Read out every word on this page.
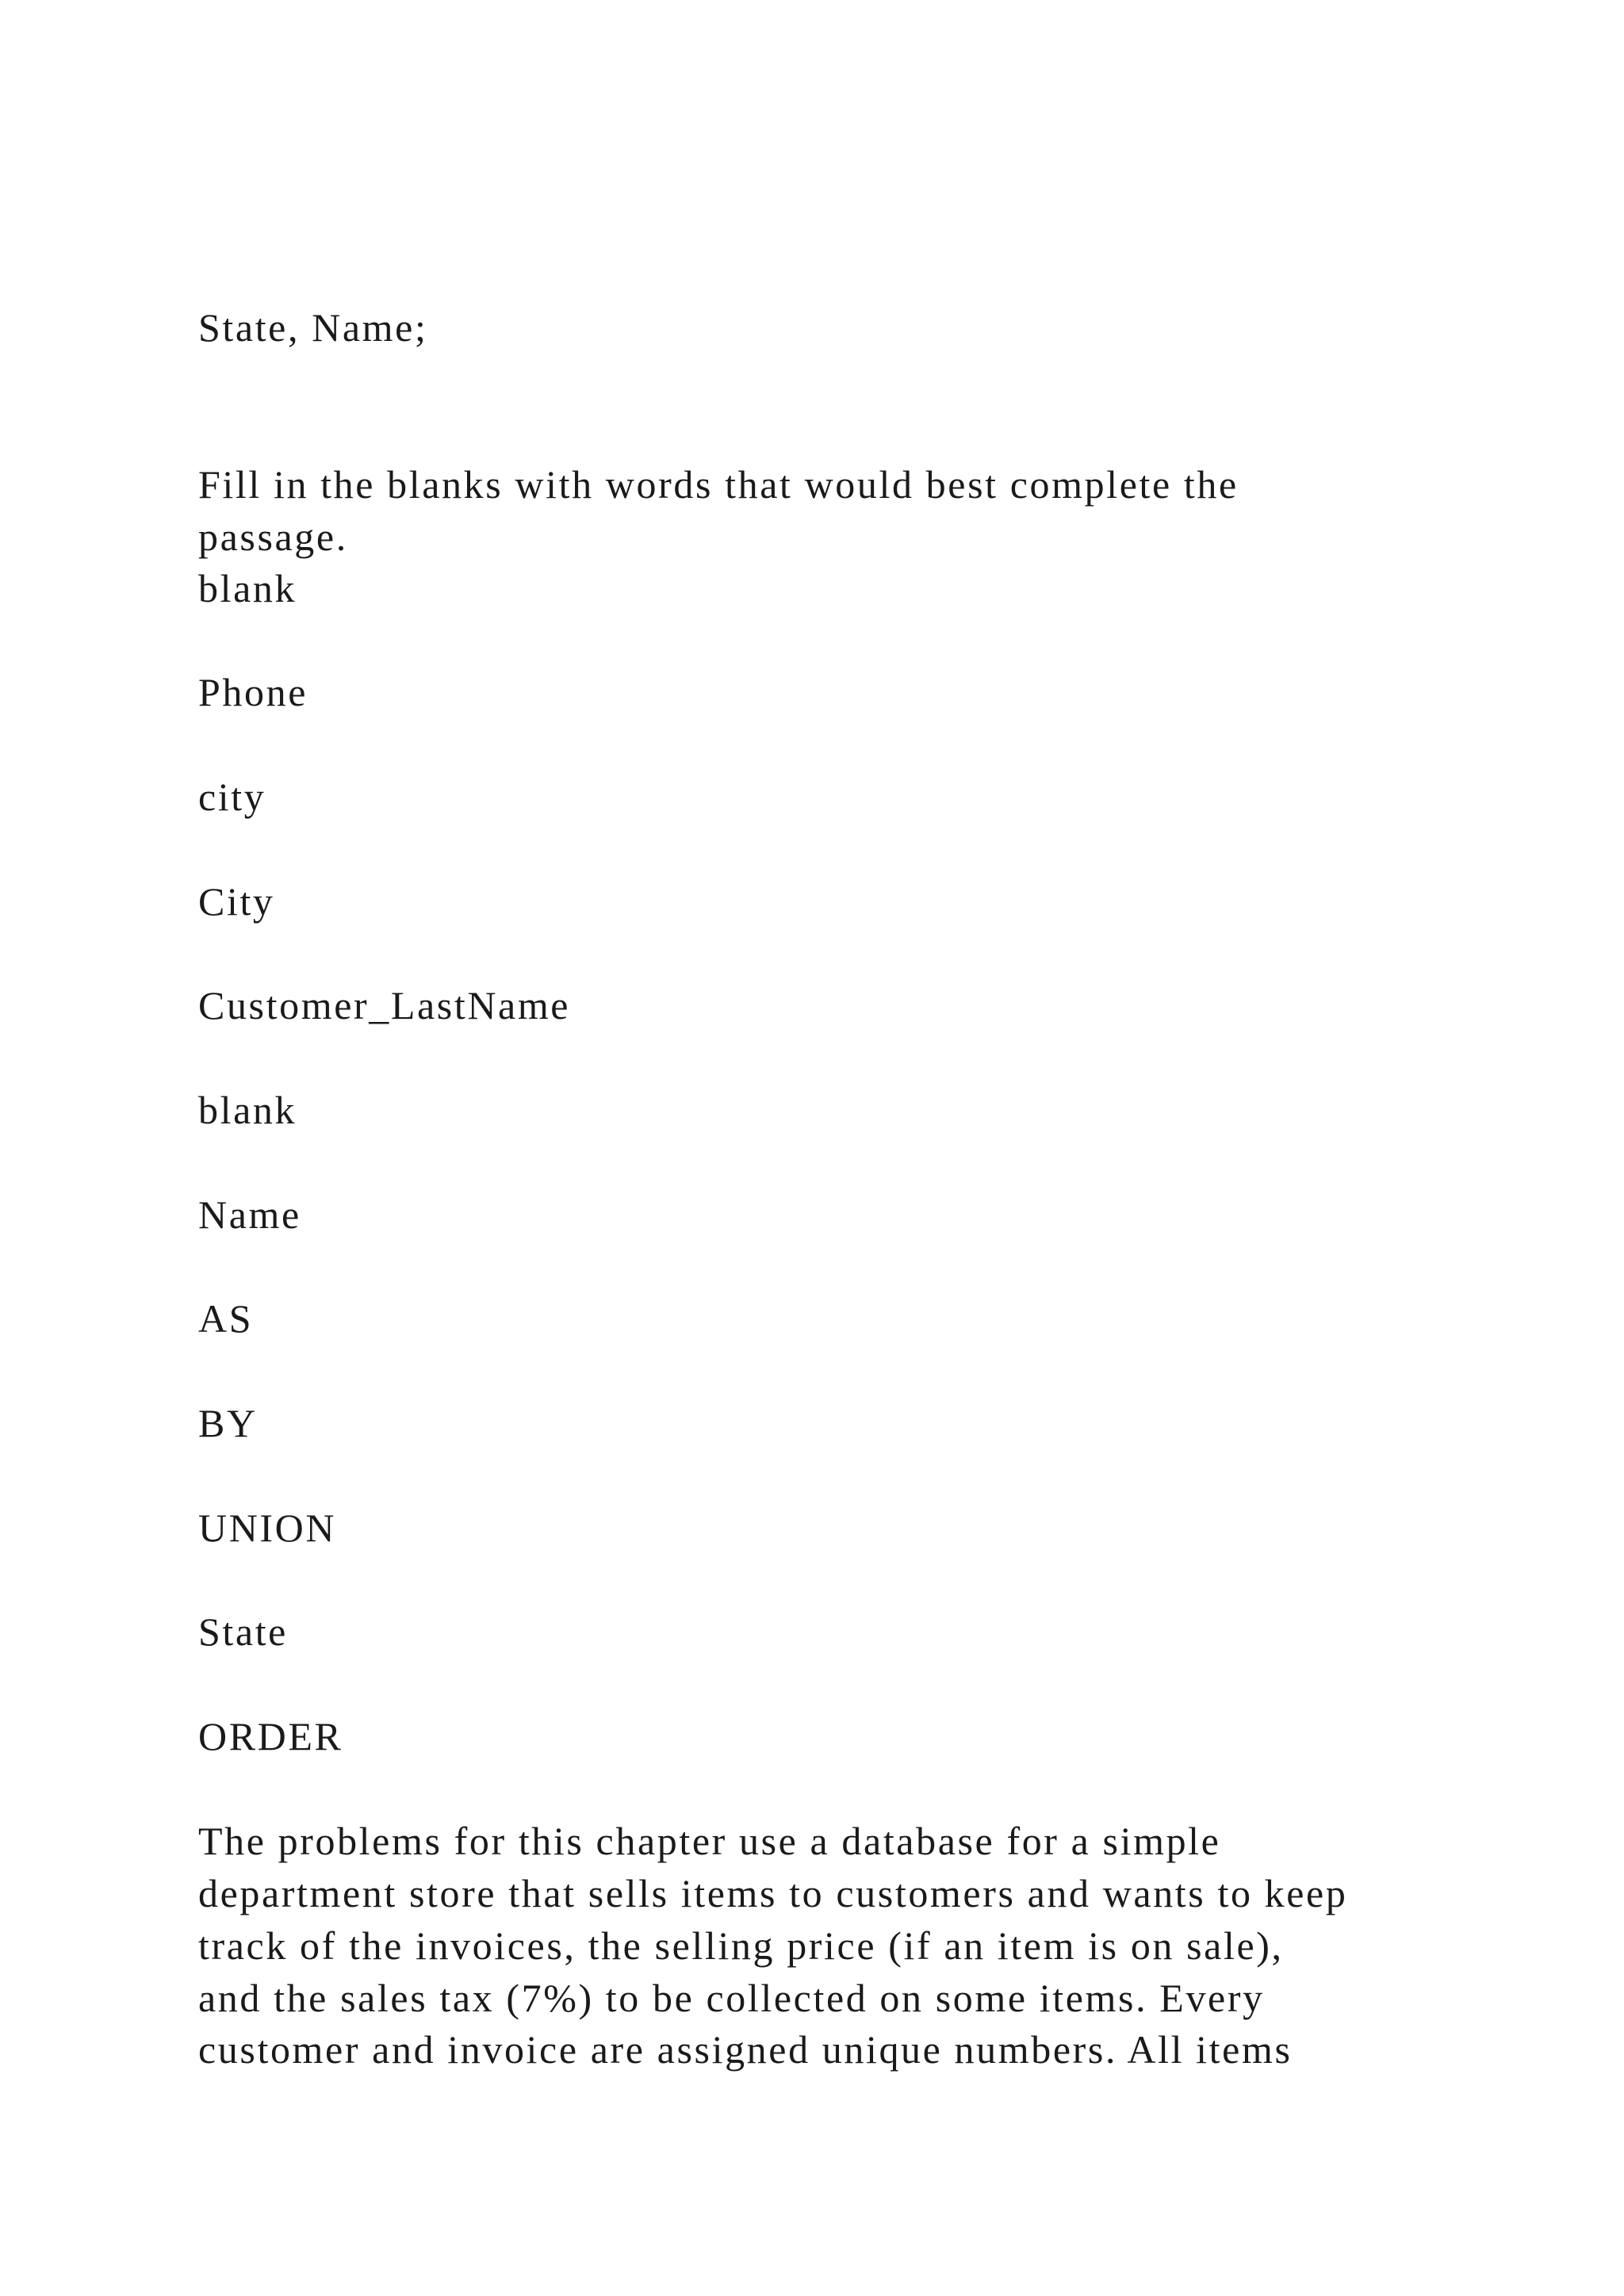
State, Name;

Fill in the blanks with words that would best complete the

passage.

blank

Phone

city

City

Customer_LastName

blank

Name

AS

BY

UNION

State

ORDER

The problems for this chapter use a database for a simple

department store that sells items to customers and wants to keep

track of the invoices, the selling price (if an item is on sale),

and the sales tax (7%) to be collected on some items. Every

customer and invoice are assigned unique numbers. All items
